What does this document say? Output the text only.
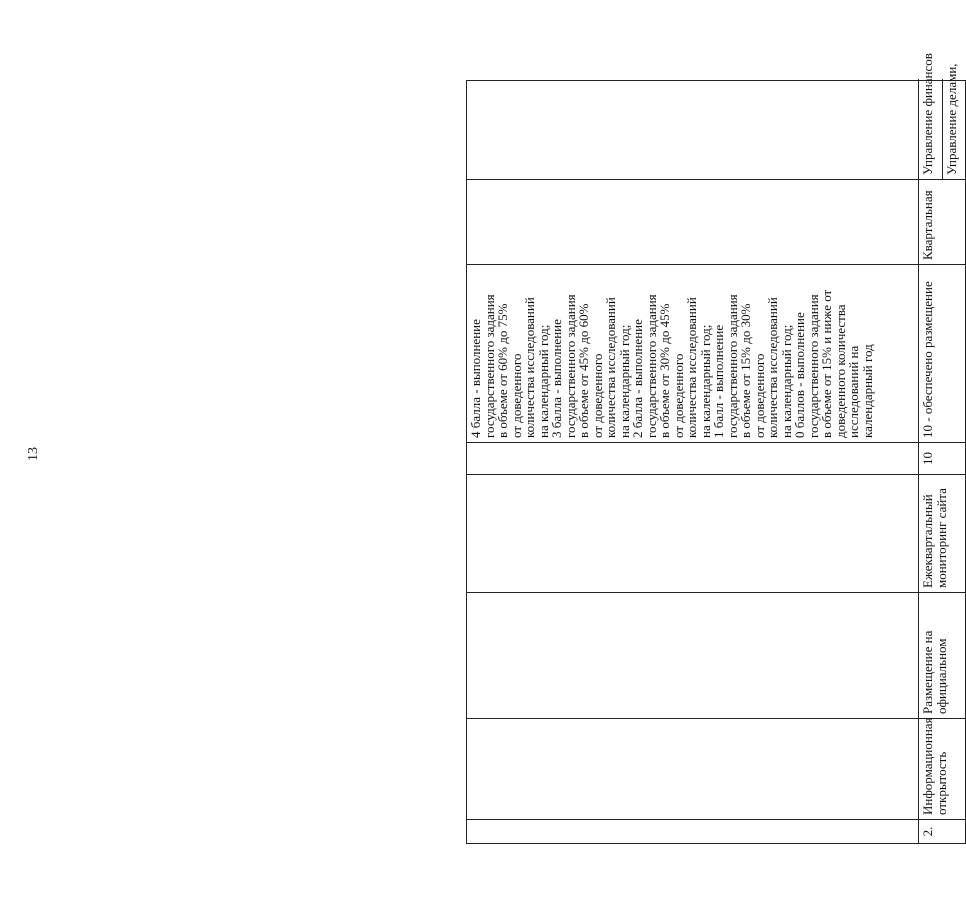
13
4 балла - выполнение
государственного задания
в объеме от 60% до 75%
от доведенного
количества исследований
на календарный год;
3 балла - выполнение
государственного задания
в объеме от 45% до 60%
от доведенного
количества исследований
на календарный год;
2 балла - выполнение
государственного задания
в объеме от 30% до 45%
от доведенного
количества исследований
на календарный год;
1 балл - выполнение
государственного задания
в объеме от 15% до 30%
от доведенного
количества исследований
на календарный год;
0 баллов - выполнение
государственного задания
в объеме от 15% и ниже от
доведенного количества
исследований на
календарный год
2.
Информационная открытость
Размещение на официальном
Ежеквартальный мониторинг сайта
10
10 - обеспечено размещение
Квартальная
Управление финансов Управление делами,
